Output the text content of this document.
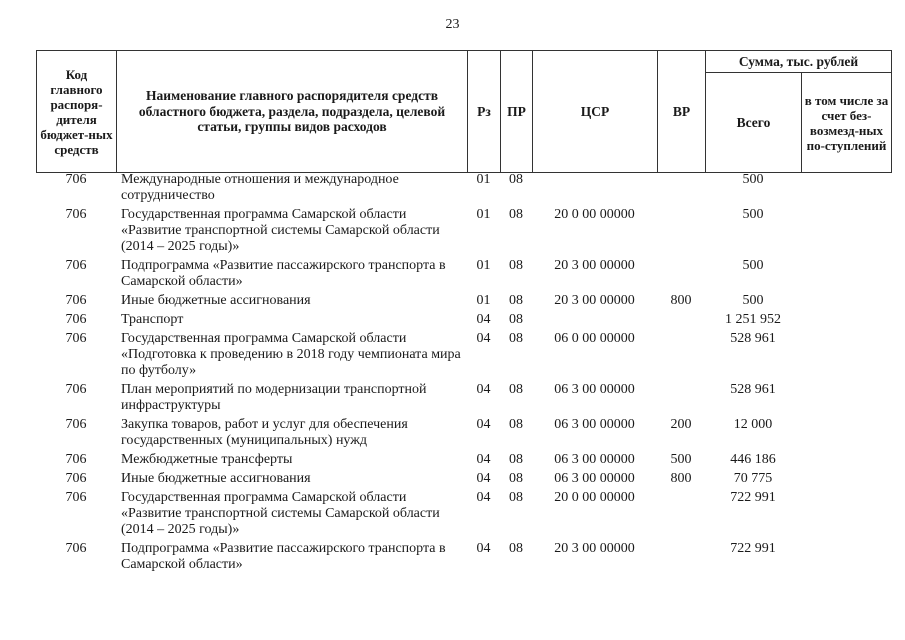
23
Код главного распоря-дителя бюджет-ных средств	Наименование главного распорядителя средств областного бюджета, раздела, подраздела, целевой статьи, группы видов расходов	Рз	ПР	ЦСР	ВР	Сумма, тыс. рублей	
						Всего	в том числе за счет без-возмезд-ных по-ступлений
706	Международные отношения и международное сотрудничество	01	08			500	
706	Государственная программа Самарской области «Развитие транспортной системы Самарской области (2014 – 2025 годы)»	01	08	20 0 00 00000		500	
706	Подпрограмма «Развитие пассажирского транспорта в Самарской области»	01	08	20 3 00 00000		500	
706	Иные бюджетные ассигнования	01	08	20 3 00 00000	800	500	
706	Транспорт	04	08			1 251 952	
706	Государственная программа Самарской области «Подготовка к проведению в 2018 году чемпионата мира по футболу»	04	08	06 0 00 00000		528 961	
706	План мероприятий по модернизации транспортной инфраструктуры	04	08	06 3 00 00000		528 961	
706	Закупка товаров, работ и услуг для обеспечения государственных (муниципальных) нужд	04	08	06 3 00 00000	200	12 000	
706	Межбюджетные трансферты	04	08	06 3 00 00000	500	446 186	
706	Иные бюджетные ассигнования	04	08	06 3 00 00000	800	70 775	
706	Государственная программа Самарской области «Развитие транспортной системы Самарской области (2014 – 2025 годы)»	04	08	20 0 00 00000		722 991	
706	Подпрограмма «Развитие пассажирского транспорта в Самарской области»	04	08	20 3 00 00000		722 991	
